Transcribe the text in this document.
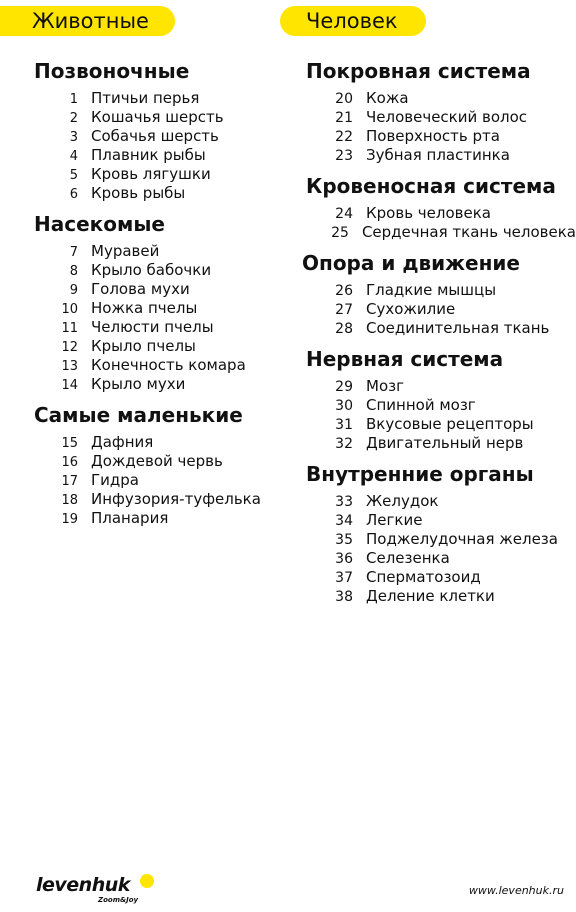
Животные
Позвоночные
1 Птичьи перья
2 Кошачья шерсть
3 Собачья шерсть
4 Плавник рыбы
5 Кровь лягушки
6 Кровь рыбы
Насекомые
7 Муравей
8 Крыло бабочки
9 Голова мухи
10 Ножка пчелы
11 Челюсти пчелы
12 Крыло пчелы
13 Конечность комара
14 Крыло мухи
Самые маленькие
15 Дафния
16 Дождевой червь
17 Гидра
18 Инфузория-туфелька
19 Планария
Человек
Покровная система
20 Кожа
21 Человеческий волос
22 Поверхность рта
23 Зубная пластинка
Кровеносная система
24 Кровь человека
25 Сердечная ткань человека
Опора и движение
26 Гладкие мышцы
27 Сухожилие
28 Соединительная ткань
Нервная система
29 Мозг
30 Спинной мозг
31 Вкусовые рецепторы
32 Двигательный нерв
Внутренние органы
33 Желудок
34 Легкие
35 Поджелудочная железа
36 Селезенка
37 Сперматозоид
38 Деление клетки
levenhuk
Zoom&Joy
www.levenhuk.ru
